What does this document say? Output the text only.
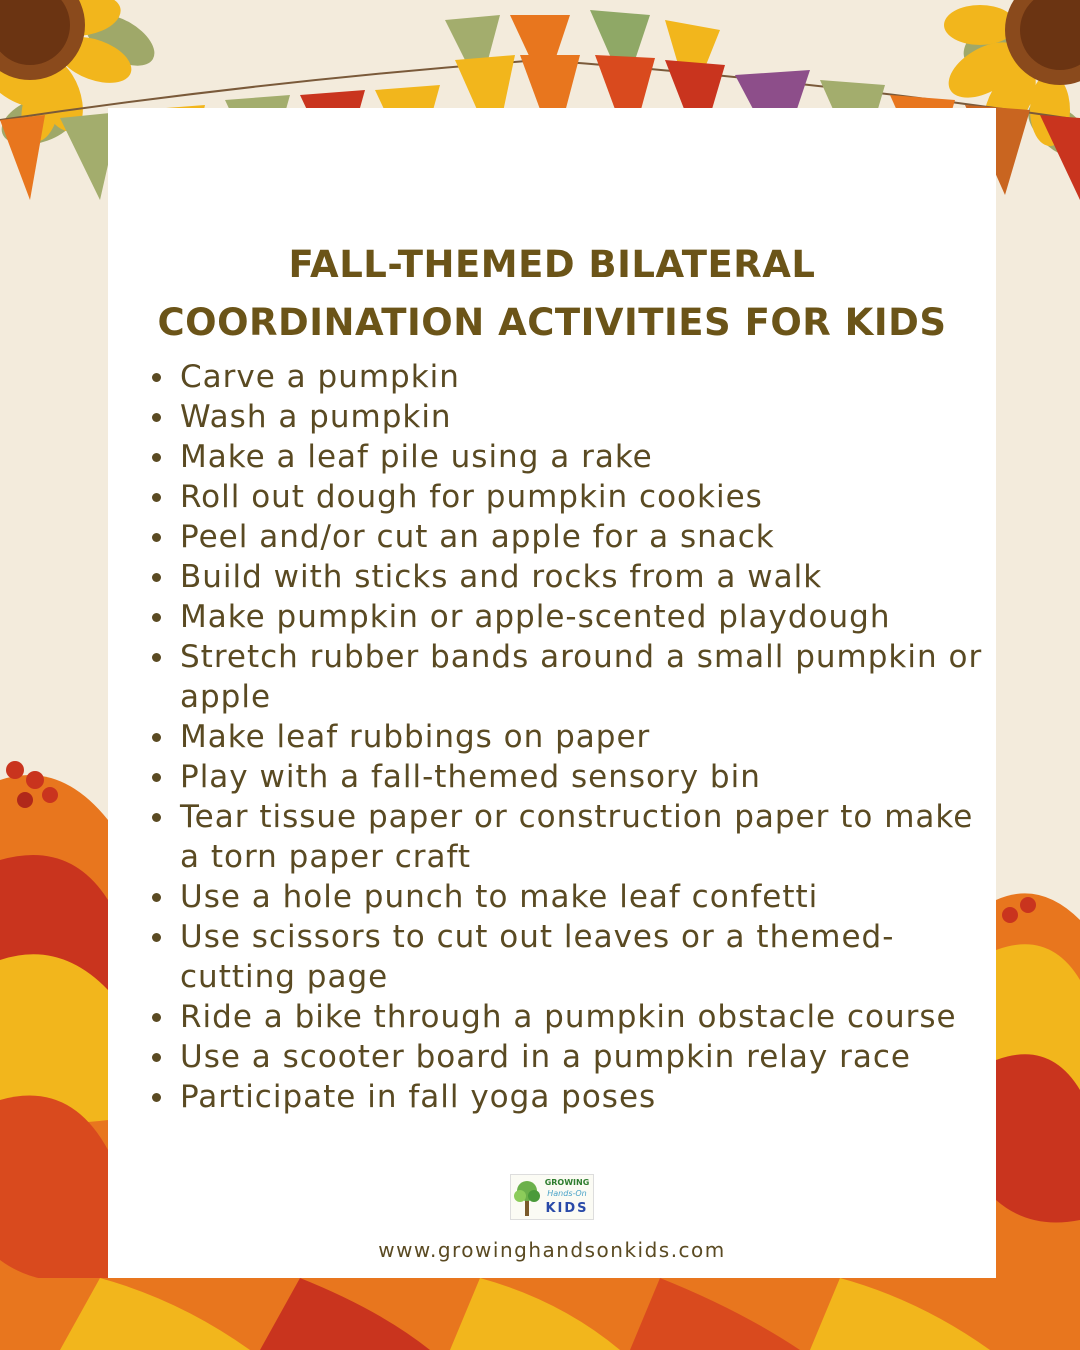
FALL-THEMED BILATERAL
COORDINATION ACTIVITIES FOR KIDS
Carve a pumpkin
Wash a pumpkin
Make a leaf pile using a rake
Roll out dough for pumpkin cookies
Peel and/or cut an apple for a snack
Build with sticks and rocks from a walk
Make pumpkin or apple-scented playdough
Stretch rubber bands around a small pumpkin or apple
Make leaf rubbings on paper
Play with a fall-themed sensory bin
Tear tissue paper or construction paper to make a torn paper craft
Use a hole punch to make leaf confetti
Use scissors to cut out leaves or a themed-cutting page
Ride a bike through a pumpkin obstacle course
Use a scooter board in a pumpkin relay race
Participate in fall yoga poses
GROWING
Hands-On
KIDS
www.growinghandsonkids.com
